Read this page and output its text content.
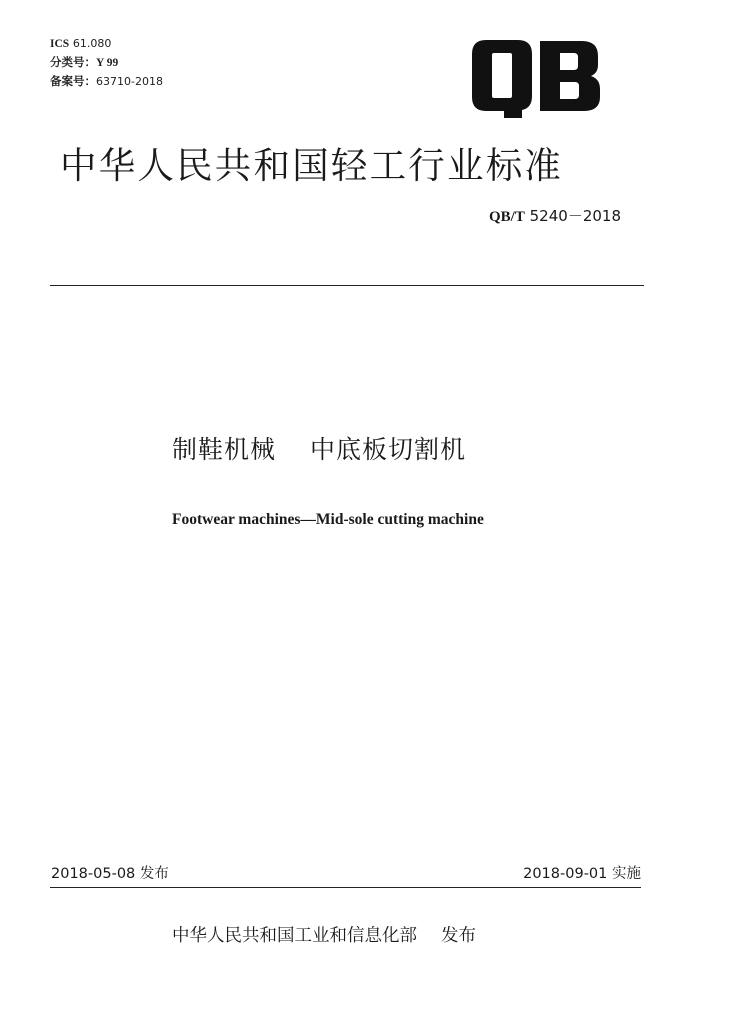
ICS 61.080
分类号：Y 99
备案号：63710-2018
中华人民共和国轻工行业标准
QB/T 5240－2018
制鞋机械 中底板切割机
Footwear machines—Mid-sole cutting machine
2018-05-08 发布	2018-09-01 实施
中华人民共和国工业和信息化部 发布
